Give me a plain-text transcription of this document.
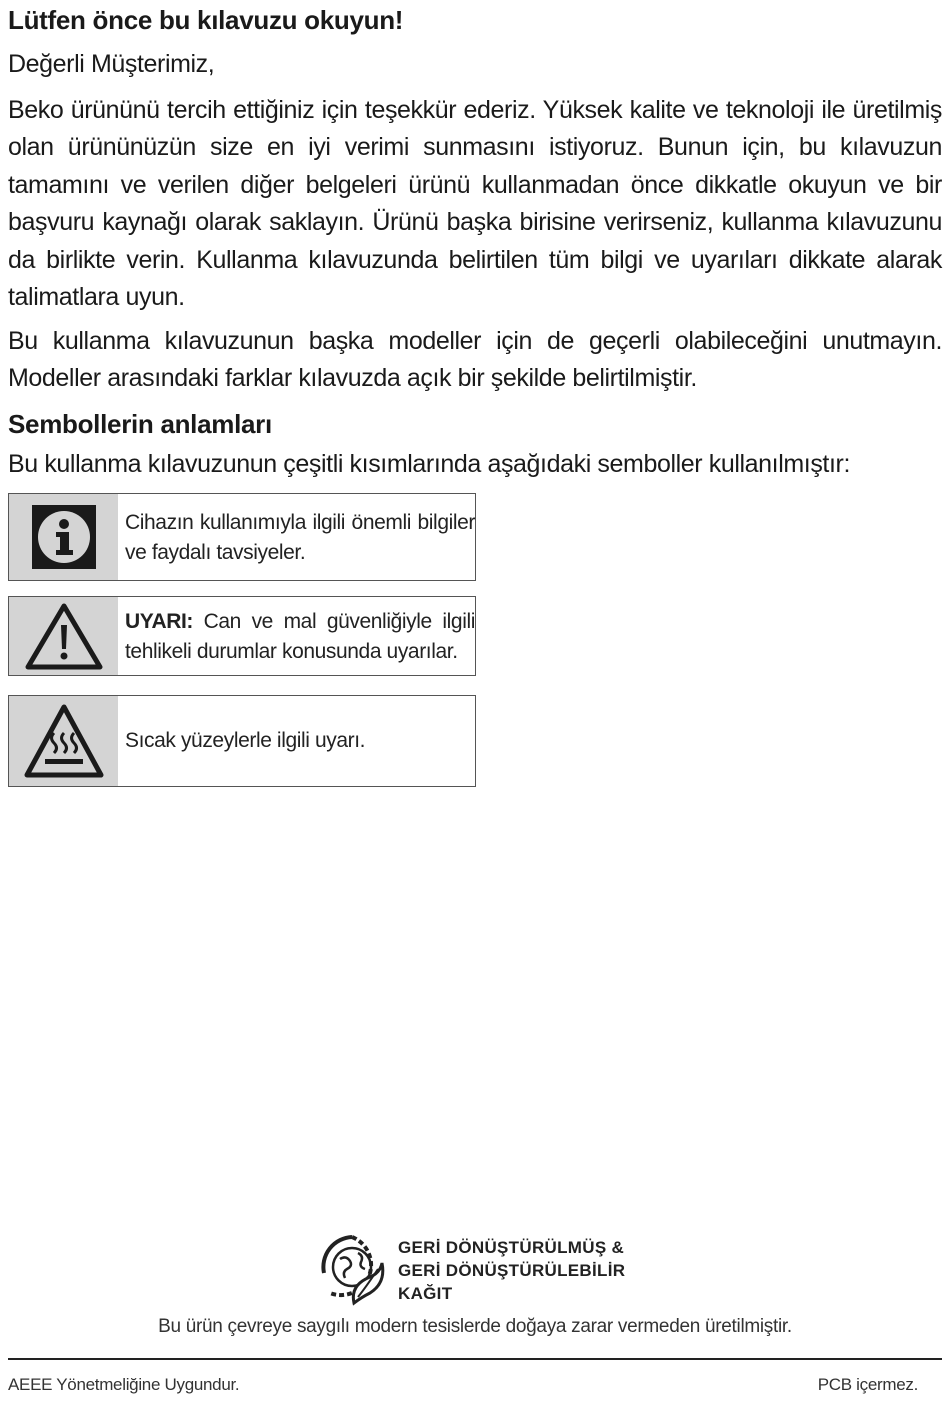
Lütfen önce bu kılavuzu okuyun!
Değerli Müşterimiz,
Beko ürününü tercih ettiğiniz için teşekkür ederiz. Yüksek kalite ve teknoloji ile üretilmiş olan ürününüzün size en iyi verimi sunmasını istiyoruz. Bunun için, bu kılavuzun tamamını ve verilen diğer belgeleri ürünü kullanmadan önce dikkatle okuyun ve bir başvuru kaynağı olarak saklayın. Ürünü başka birisine verirseniz, kullanma kılavuzunu da birlikte verin. Kullanma kılavuzunda belirtilen tüm bilgi ve uyarıları dikkate alarak talimatlara uyun.
Bu kullanma kılavuzunun başka modeller için de geçerli olabileceğini unutmayın. Modeller arasındaki farklar kılavuzda açık bir şekilde belirtilmiştir.
Sembollerin anlamları
Bu kullanma kılavuzunun çeşitli kısımlarında aşağıdaki semboller kullanılmıştır:
Cihazın kullanımıyla ilgili önemli bilgiler ve faydalı tavsiyeler.
UYARI: Can ve mal güvenliğiyle ilgili tehlikeli durumlar konusunda uyarılar.
Sıcak yüzeylerle ilgili uyarı.
GERİ DÖNÜŞTÜRÜLMÜŞ &
GERİ DÖNÜŞTÜRÜLEBİLİR
KAĞIT
Bu ürün çevreye saygılı modern tesislerde doğaya zarar vermeden üretilmiştir.
AEEE Yönetmeliğine Uygundur.	PCB içermez.
